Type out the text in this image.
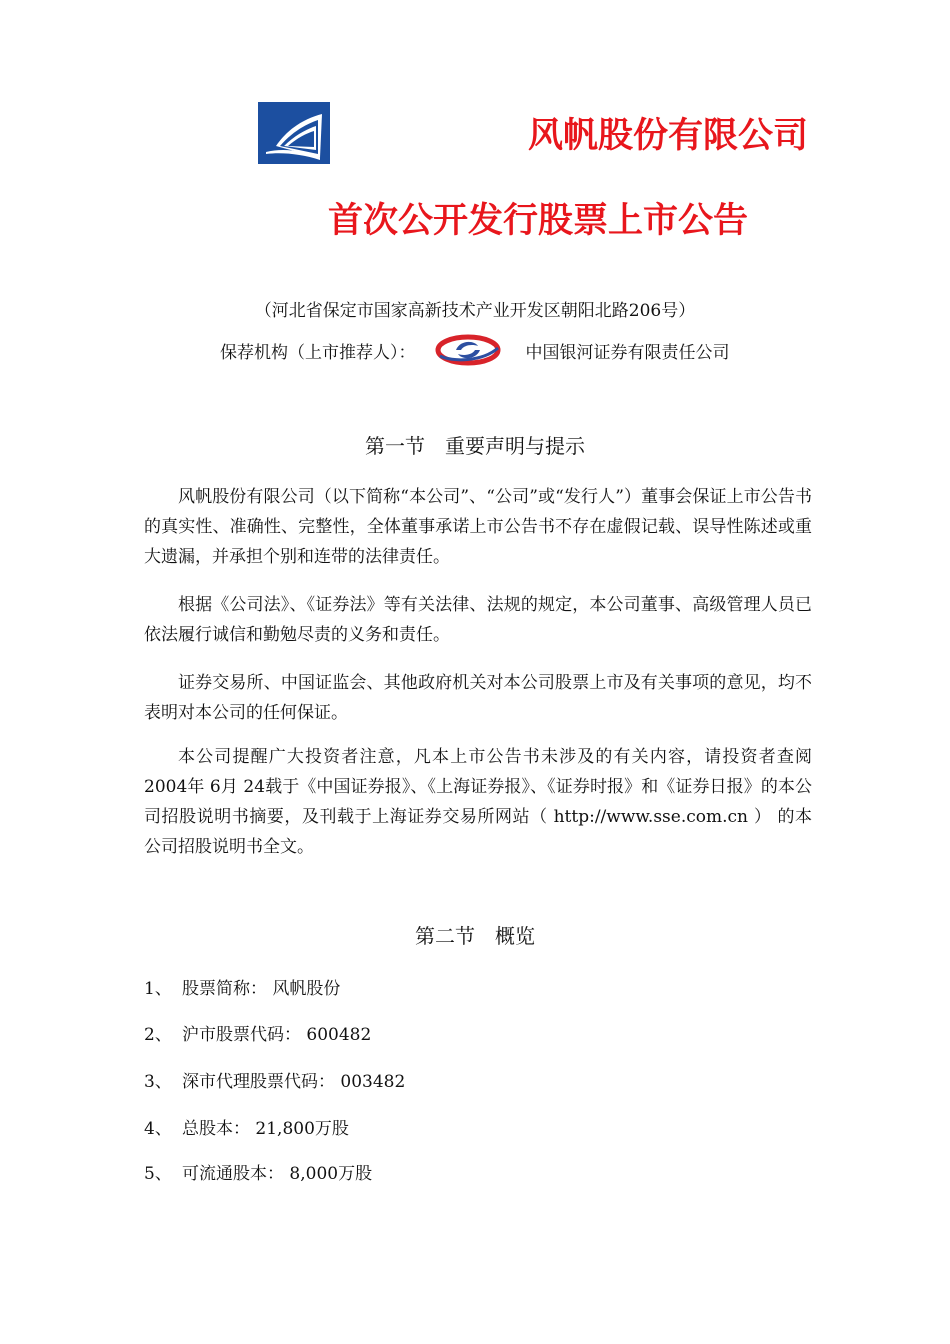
风帆股份有限公司
首次公开发行股票上市公告
（河北省保定市国家高新技术产业开发区朝阳北路206号）
保荐机构（上市推荐人）：	中国银河证券有限责任公司
第一节　重要声明与提示

风帆股份有限公司（以下简称“本公司”、“公司”或“发行人”）董事会保证上市公告书的真实性、准确性、完整性，全体董事承诺上市公告书不存在虚假记载、误导性陈述或重大遗漏，并承担个别和连带的法律责任。

根据《公司法》、《证券法》等有关法律、法规的规定，本公司董事、高级管理人员已依法履行诚信和勤勉尽责的义务和责任。

证券交易所、中国证监会、其他政府机关对本公司股票上市及有关事项的意见，均不表明对本公司的任何保证。

本公司提醒广大投资者注意，凡本上市公告书未涉及的有关内容，请投资者查阅 2004年 6月 24载于《中国证券报》、《上海证券报》、《证券时报》和《证券日报》的本公司招股说明书摘要，及刊载于上海证券交易所网站（ http://www.sse.com.cn ） 的本公司招股说明书全文。

第二节　概览
1、 股票简称： 风帆股份
2、 沪市股票代码： 600482
3、 深市代理股票代码： 003482
4、 总股本： 21,800万股
5、 可流通股本： 8,000万股
